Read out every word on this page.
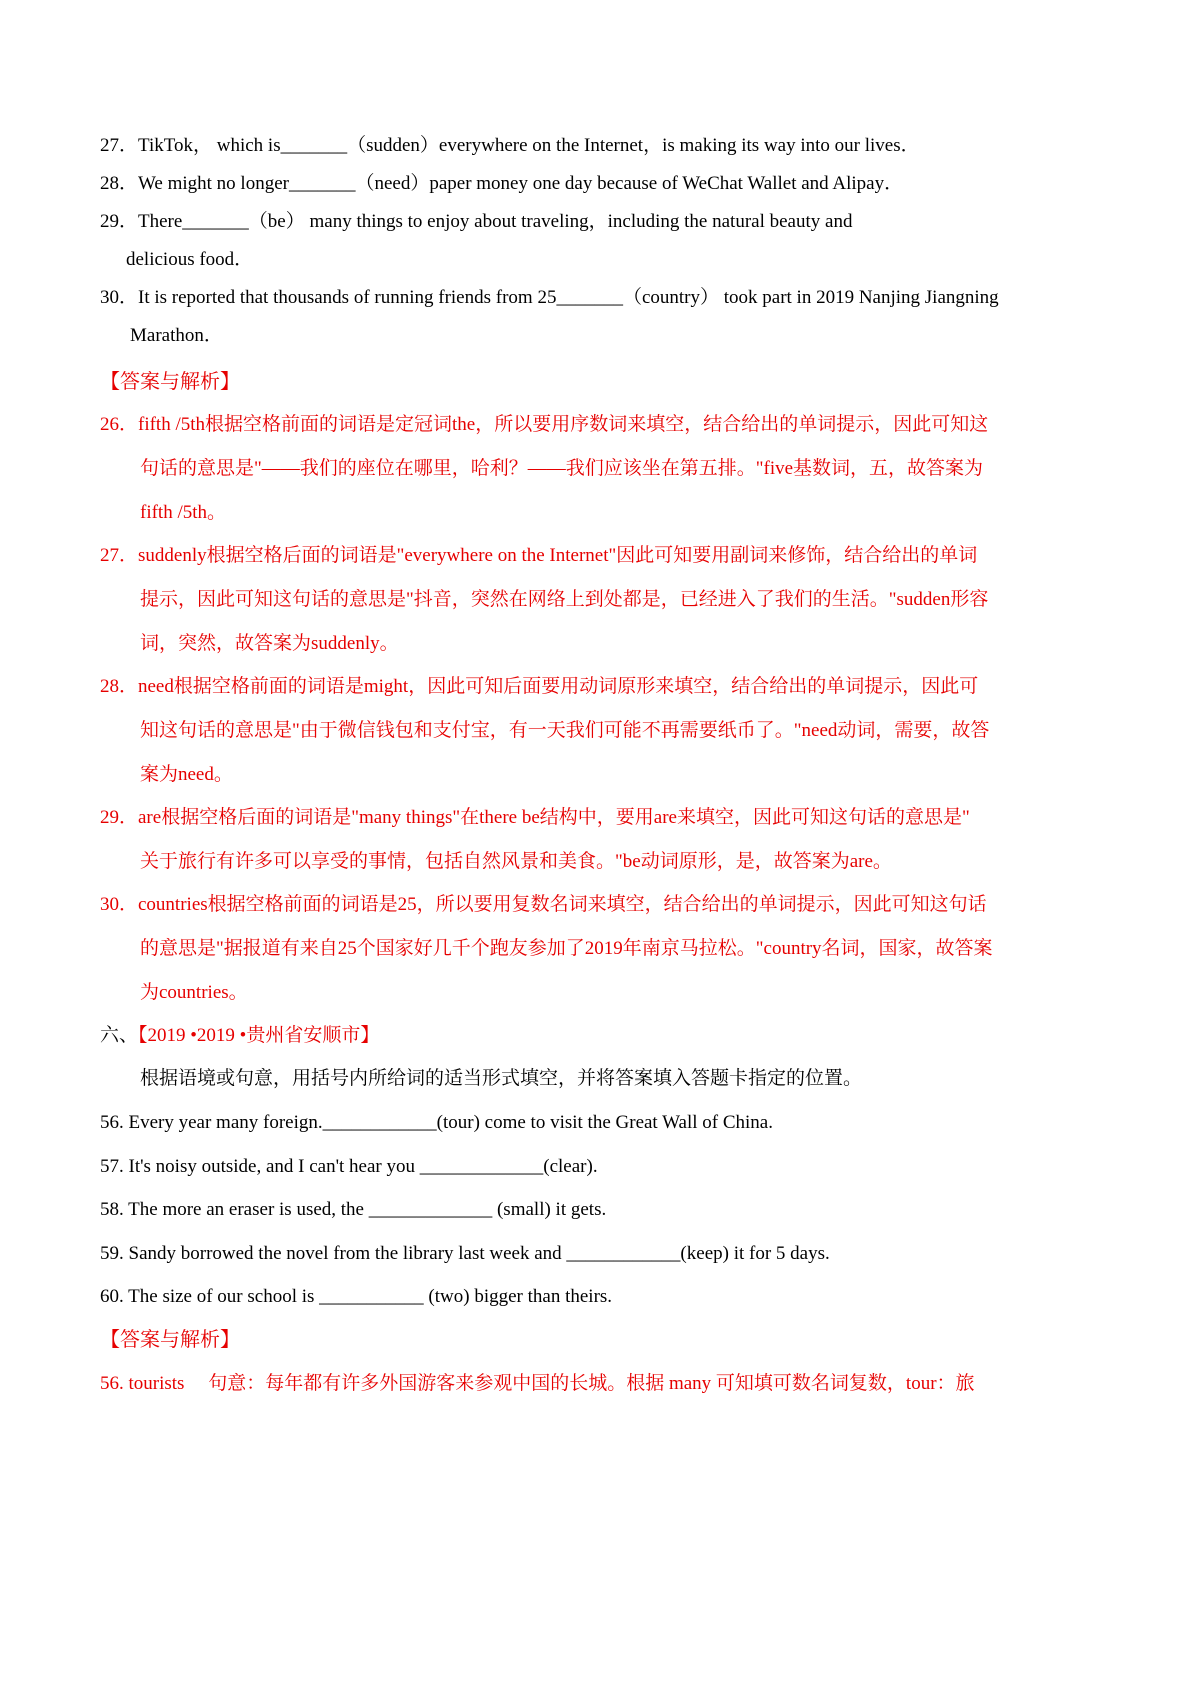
27．TikTok， which is_______（sudden）everywhere on the Internet，is making its way into our lives．
28．We might no longer_______（need）paper money one day because of WeChat Wallet and Alipay．
29．There_______（be） many things to enjoy about traveling，including the natural beauty and
delicious food．
30．It is reported that thousands of running friends from 25_______（country） took part in 2019 Nanjing Jiangning
Marathon．
【答案与解析】
26．fifth /5th根据空格前面的词语是定冠词the，所以要用序数词来填空，结合给出的单词提示，因此可知这
句话的意思是"——我们的座位在哪里，哈利？——我们应该坐在第五排。"five基数词，五，故答案为
fifth /5th。
27．suddenly根据空格后面的词语是"everywhere on the Internet"因此可知要用副词来修饰，结合给出的单词
提示，因此可知这句话的意思是"抖音，突然在网络上到处都是，已经进入了我们的生活。"sudden形容
词，突然，故答案为suddenly。
28．need根据空格前面的词语是might，因此可知后面要用动词原形来填空，结合给出的单词提示，因此可
知这句话的意思是"由于微信钱包和支付宝，有一天我们可能不再需要纸币了。"need动词，需要，故答
案为need。
29．are根据空格后面的词语是"many things"在there be结构中，要用are来填空，因此可知这句话的意思是"
关于旅行有许多可以享受的事情，包括自然风景和美食。"be动词原形，是，故答案为are。
30．countries根据空格前面的词语是25，所以要用复数名词来填空，结合给出的单词提示，因此可知这句话
的意思是"据报道有来自25个国家好几千个跑友参加了2019年南京马拉松。"country名词，国家，故答案
为countries。
六、【2019 •2019 •贵州省安顺市】
根据语境或句意，用括号内所给词的适当形式填空，并将答案填入答题卡指定的位置。
56. Every year many foreign.____________(tour) come to visit the Great Wall of China.
57. It's noisy outside, and I can't hear you _____________(clear).
58. The more an eraser is used, the _____________ (small) it gets.
59. Sandy borrowed the novel from the library last week and ____________(keep) it for 5 days.
60. The size of our school is ___________ (two) bigger than theirs.
【答案与解析】
56. tourists　 句意：每年都有许多外国游客来参观中国的长城。根据 many 可知填可数名词复数，tour：旅
